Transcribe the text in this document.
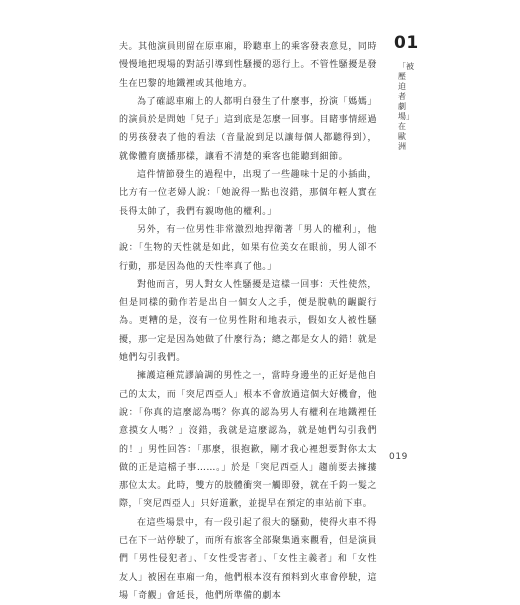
夫。其他演員則留在原車廂，聆聽車上的乘客發表意見，同時慢慢地把現場的對話引導到性騷擾的惡行上。不管性騷擾是發生在巴黎的地鐵裡或其他地方。

為了確認車廂上的人都明白發生了什麼事，扮演「媽媽」的演員於是問她「兒子」這到底是怎麼一回事。目睹事情經過的男孩發表了他的看法（音量說到足以讓每個人都聽得到），就像體育廣播那樣，讓看不清楚的乘客也能聽到細節。

這件情節發生的過程中，出現了一些趣味十足的小插曲，比方有一位老婦人說：「她說得一點也沒錯，那個年輕人實在長得太帥了，我們有親吻他的權利。」

另外，有一位男性非常激烈地捍衛著「男人的權利」，他說：「生物的天性就是如此，如果有位美女在眼前，男人卻不行動，那是因為他的天性率真了他。」

對他而言，男人對女人性騷擾是這樣一回事：天性使然，但是同樣的動作若是出自一個女人之手，便是脫軌的齷齪行為。更糟的是，沒有一位男性附和地表示，假如女人被性騷擾，那一定是因為她做了什麼行為；總之都是女人的錯！就是她們勾引我們。

擁護這種荒謬論調的男性之一，當時身邊坐的正好是他自己的太太，而「突尼西亞人」根本不會放過這個大好機會，他說：「你真的這麼認為嗎？你真的認為男人有權利在地鐵裡任意摸女人嗎？」沒錯，我就是這麼認為，就是她們勾引我們的！」男性回答：「那麼，很抱歉，剛才我心裡想要對你太太做的正是這檔子事……。」於是「突尼西亞人」趨前要去擁摟那位太太。此時，雙方的肢體衝突一觸即發，就在千鈞一髮之際，「突尼西亞人」只好道歉，並提早在預定的車站前下車。

在這些場景中，有一段引起了很大的騷動，使得火車不得已在下一站停駛了，而所有旅客全部聚集過來觀看，但是演員們「男性侵犯者」、「女性受害者」、「女性主義者」和「女性友人」被困在車廂一角，他們根本沒有預料到火車會停駛，這場「奇觀」會延長，他們所準備的劇本

01
「被壓迫者劇場」在歐洲
019
